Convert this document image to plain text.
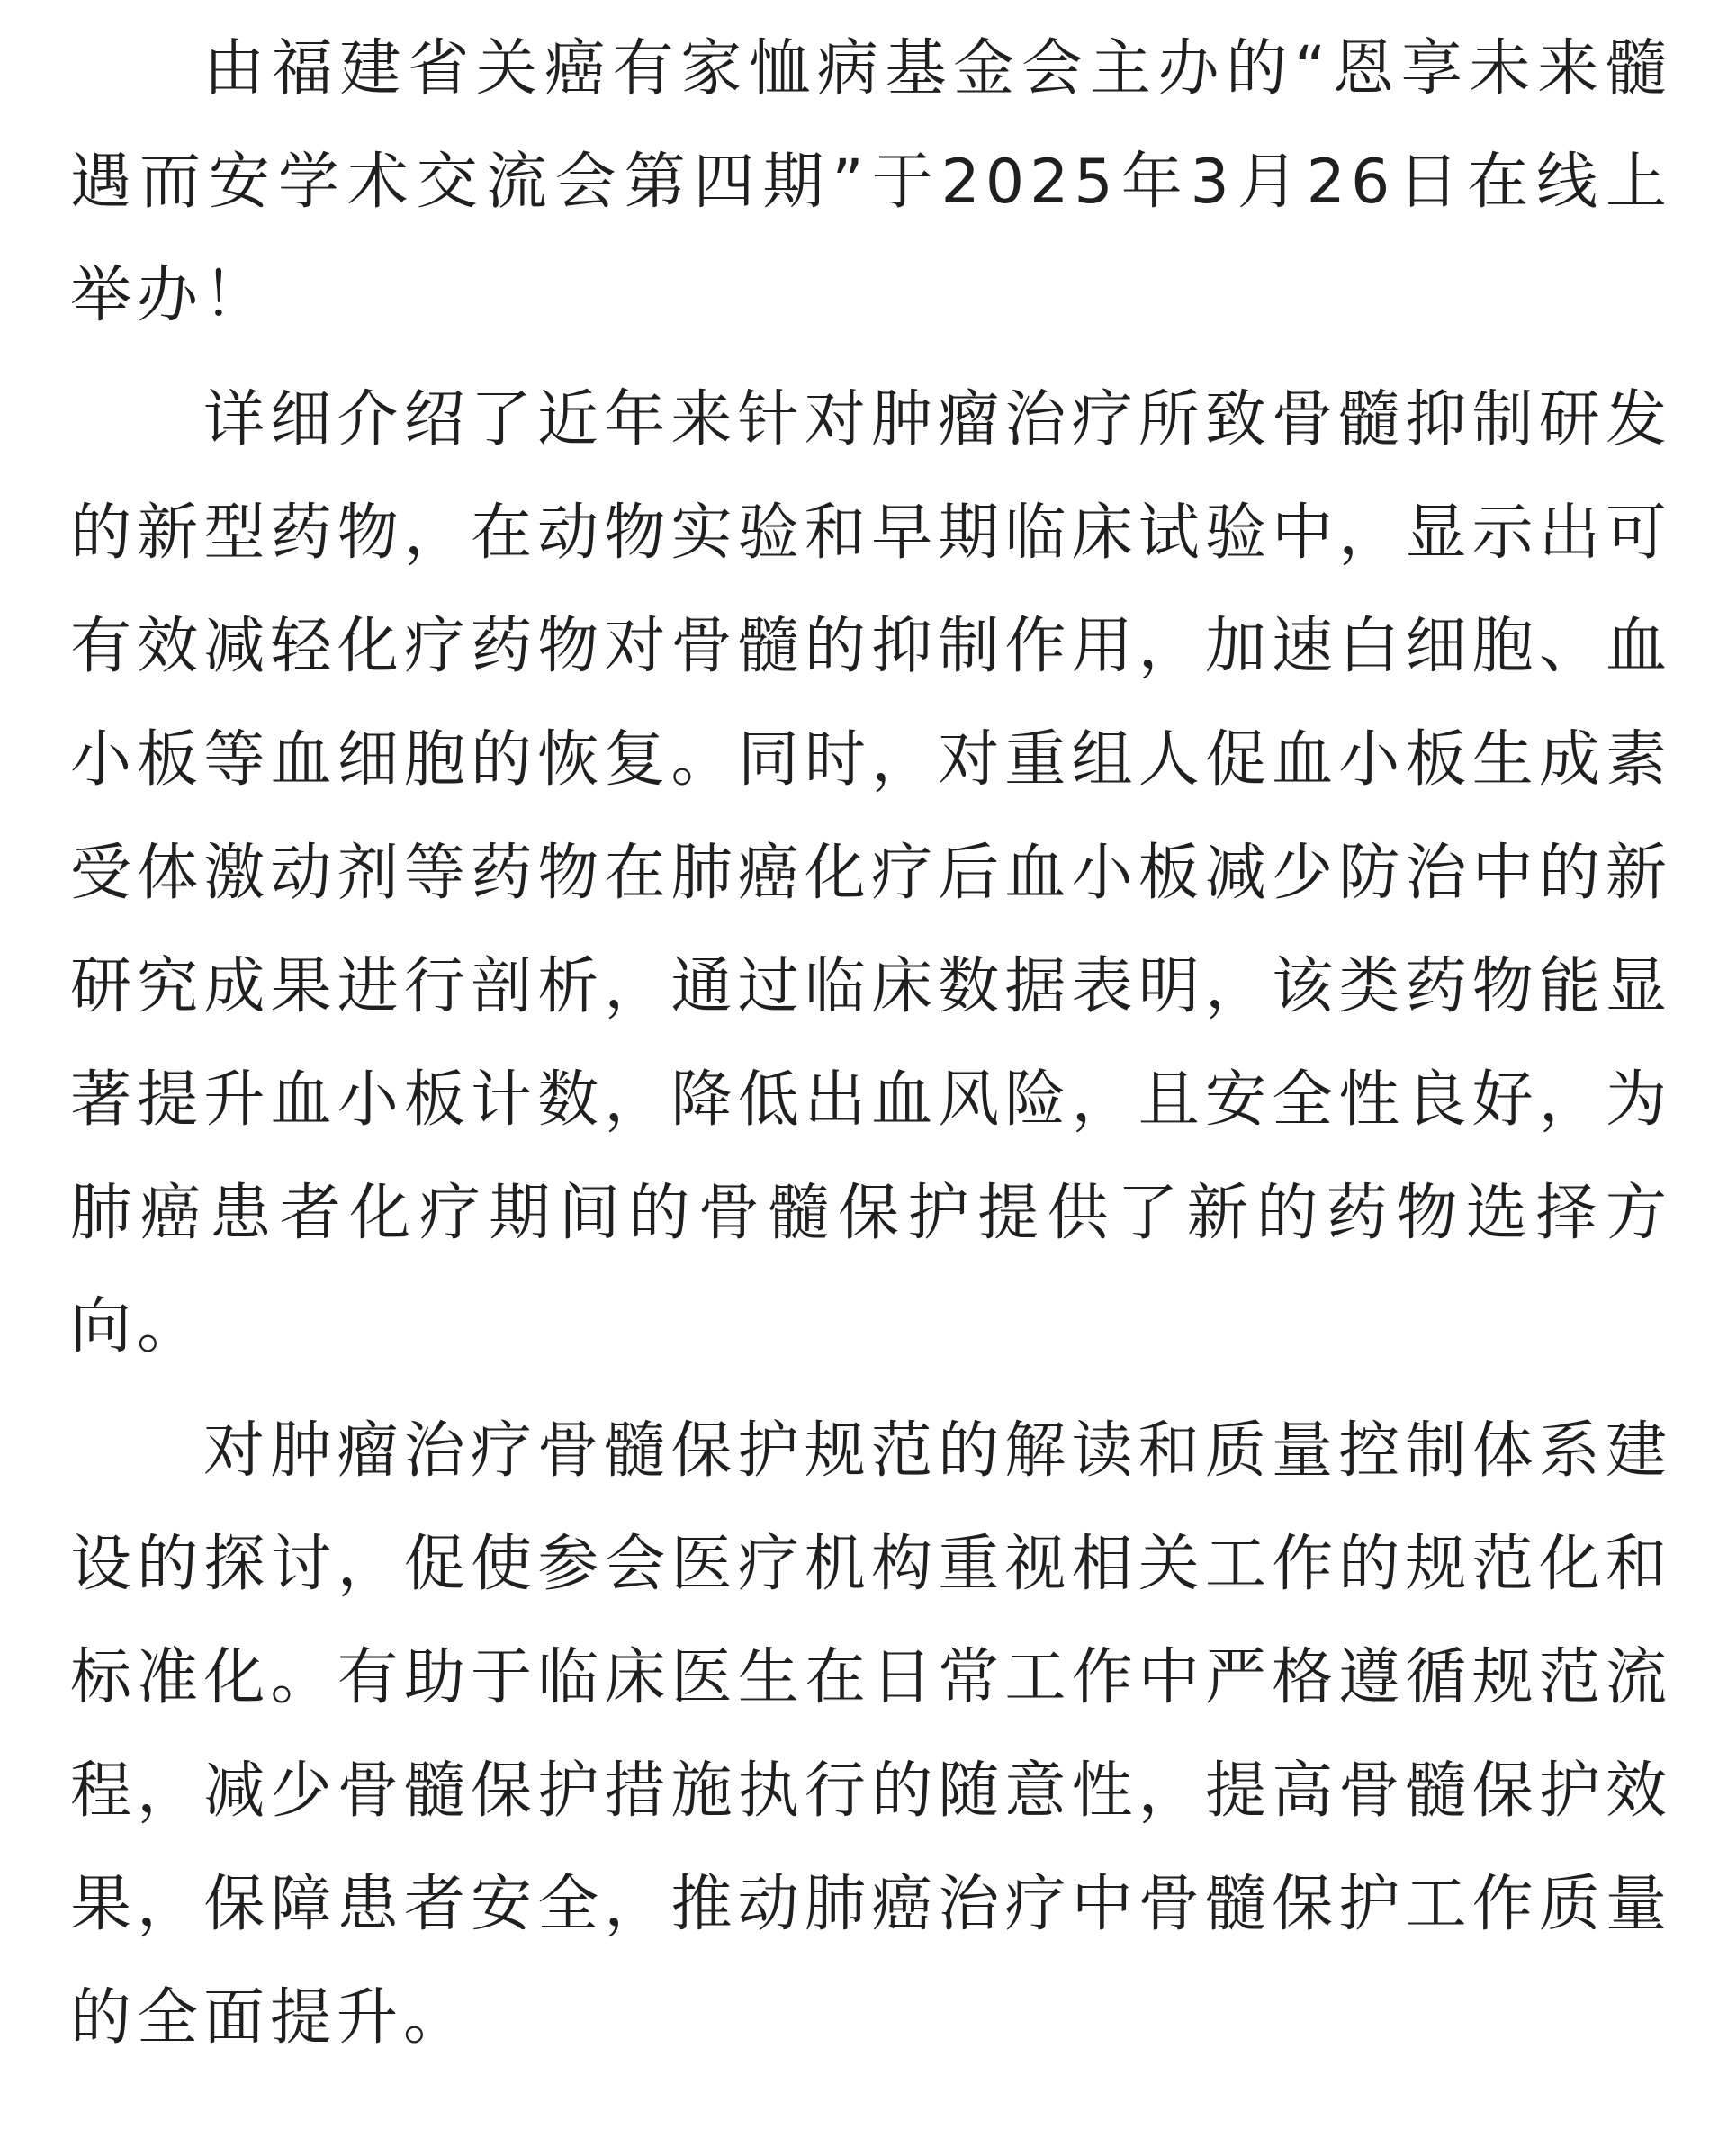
由福建省关癌有家恤病基金会主办的“恩享未来髓遇而安学术交流会第四期”于2025年3月26日在线上举办！

详细介绍了近年来针对肿瘤治疗所致骨髓抑制研发的新型药物，在动物实验和早期临床试验中，显示出可有效减轻化疗药物对骨髓的抑制作用，加速白细胞、血小板等血细胞的恢复。同时，对重组人促血小板生成素受体激动剂等药物在肺癌化疗后血小板减少防治中的新研究成果进行剖析，通过临床数据表明，该类药物能显著提升血小板计数，降低出血风险，且安全性良好，为肺癌患者化疗期间的骨髓保护提供了新的药物选择方向。

对肿瘤治疗骨髓保护规范的解读和质量控制体系建设的探讨，促使参会医疗机构重视相关工作的规范化和标准化。有助于临床医生在日常工作中严格遵循规范流程，减少骨髓保护措施执行的随意性，提高骨髓保护效果，保障患者安全，推动肺癌治疗中骨髓保护工作质量的全面提升。
